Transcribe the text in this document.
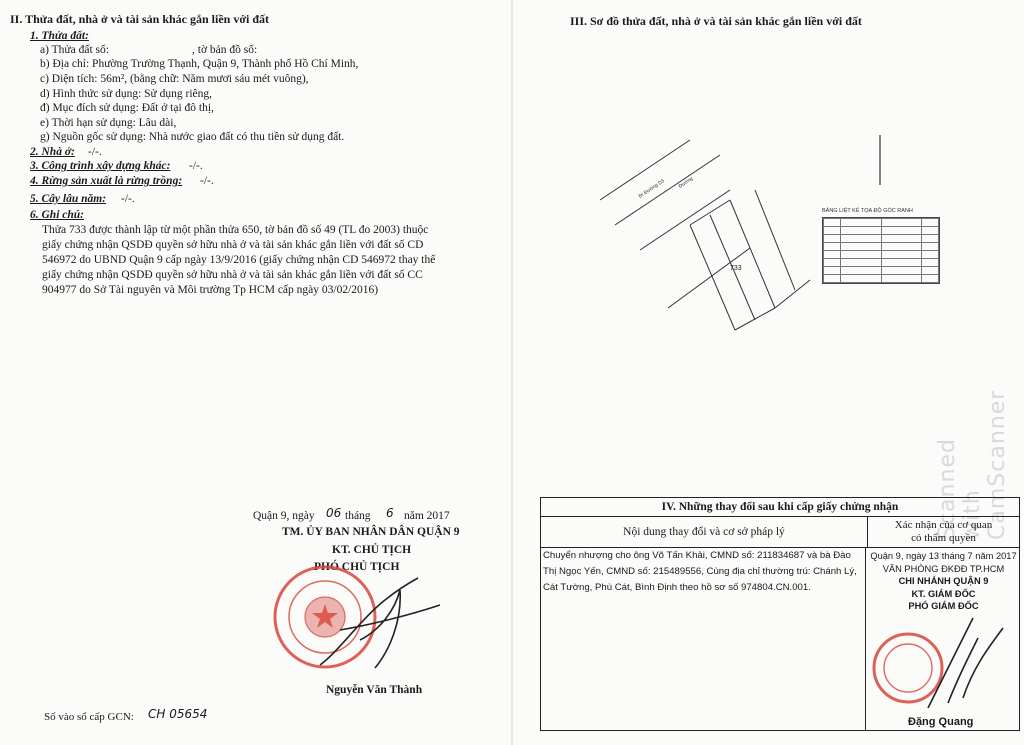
II. Thửa đất, nhà ở và tài sản khác gắn liền với đất
1. Thửa đất:
a) Thửa đất số:	, tờ bản đồ số:
b) Địa chỉ: Phường Trường Thạnh, Quận 9, Thành phố Hồ Chí Minh,
c) Diện tích: 56m², (bằng chữ: Năm mươi sáu mét vuông),
d) Hình thức sử dụng: Sử dụng riêng,
đ) Mục đích sử dụng: Đất ở tại đô thị,
e) Thời hạn sử dụng: Lâu dài,
g) Nguồn gốc sử dụng: Nhà nước giao đất có thu tiền sử dụng đất.
2. Nhà ở: -/-.
3. Công trình xây dựng khác: -/-.
4. Rừng sản xuất là rừng trồng: -/-.
5. Cây lâu năm: -/-.
6. Ghi chú:
Thửa 733 được thành lập từ một phần thửa 650, tờ bản đồ số 49 (TL đo 2003) thuộc
giấy chứng nhận QSDĐ quyền sở hữu nhà ở và tài sản khác gắn liền với đất số CD
546972 do UBND Quận 9 cấp ngày 13/9/2016 (giấy chứng nhận CD 546972 thay thế
giấy chứng nhận QSDĐ quyền sở hữu nhà ở và tài sản khác gắn liền với đất số CC
904977 do Sở Tài nguyên và Môi trường Tp HCM cấp ngày 03/02/2016)
Quận 9, ngày 06 tháng 6 năm 2017
TM. ỦY BAN NHÂN DÂN QUẬN 9
KT. CHỦ TỊCH
PHÓ CHỦ TỊCH
Nguyễn Văn Thành
Số vào sổ cấp GCN: CH 05654
III. Sơ đồ thửa đất, nhà ở và tài sản khác gắn liền với đất
733
Đi Đường D3 Đường
BẢNG LIỆT KÊ TỌA ĐỘ GÓC RANH

Scanned with CamScanner
IV. Những thay đổi sau khi cấp giấy chứng nhận
Nội dung thay đổi và cơ sở pháp lý
Xác nhận của cơ quan
có thẩm quyền
Chuyển nhượng cho ông Võ Tấn Khải, CMND số: 211834687 và bà Đào
Thị Ngọc Yến, CMND số: 215489556, Cùng địa chỉ thường trú: Chánh Lý,
Cát Tường, Phù Cát, Bình Định theo hồ sơ số 974804.CN.001.
Quận 9, ngày 13 tháng 7 năm 2017
VĂN PHÒNG ĐKĐĐ TP.HCM
CHI NHÁNH QUẬN 9
KT. GIÁM ĐỐC
PHÓ GIÁM ĐỐC
Đặng Quang
